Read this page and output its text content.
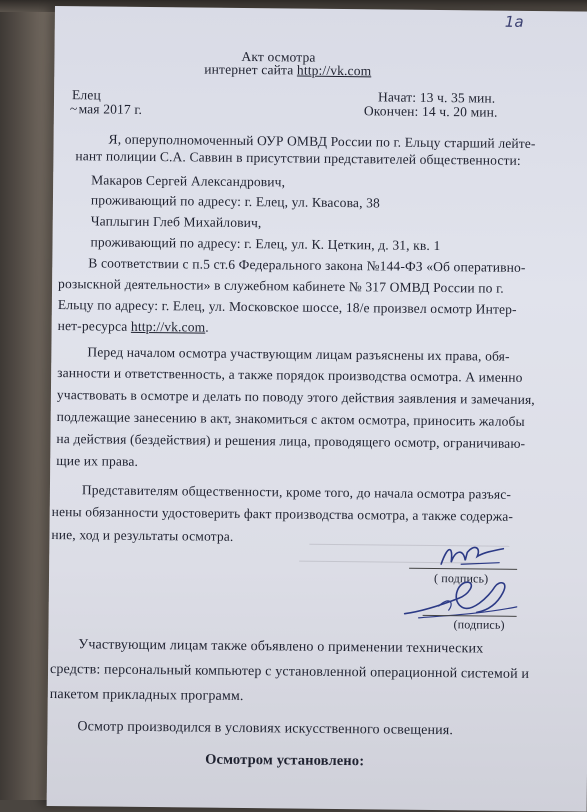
1а
Акт осмотра
интернет сайта http://vk.com
Елец
~ мая 2017 г.
Начат: 13 ч. 35 мин.
Окончен: 14 ч. 20 мин.
Я, оперуполномоченный ОУР ОМВД России по г. Ельцу старший лейте-
нант полиции С.А. Саввин в присутствии представителей общественности:
Макаров Сергей Александрович,
проживающий по адресу: г. Елец, ул. Квасова, 38
Чаплыгин Глеб Михайлович,
проживающий по адресу: г. Елец, ул. К. Цеткин, д. 31, кв. 1
В соответствии с п.5 ст.6 Федерального закона №144-ФЗ «Об оперативно-
розыскной деятельности» в служебном кабинете № 317 ОМВД России по г.
Ельцу по адресу: г. Елец, ул. Московское шоссе, 18/е произвел осмотр Интер-
нет-ресурса http://vk.com.
Перед началом осмотра участвующим лицам разъяснены их права, обя-
занности и ответственность, а также порядок производства осмотра. А именно
участвовать в осмотре и делать по поводу этого действия заявления и замечания,
подлежащие занесению в акт, знакомиться с актом осмотра, приносить жалобы
на действия (бездействия) и решения лица, проводящего осмотр, ограничиваю-
щие их права.
Представителям общественности, кроме того, до начала осмотра разъяс-
нены обязанности удостоверить факт производства осмотра, а также содержа-
ние, ход и результаты осмотра.
( подпись)
(подпись)
Участвующим лицам также объявлено о применении технических
средств: персональный компьютер с установленной операционной системой и
пакетом прикладных программ.
Осмотр производился в условиях искусственного освещения.
Осмотром установлено:
